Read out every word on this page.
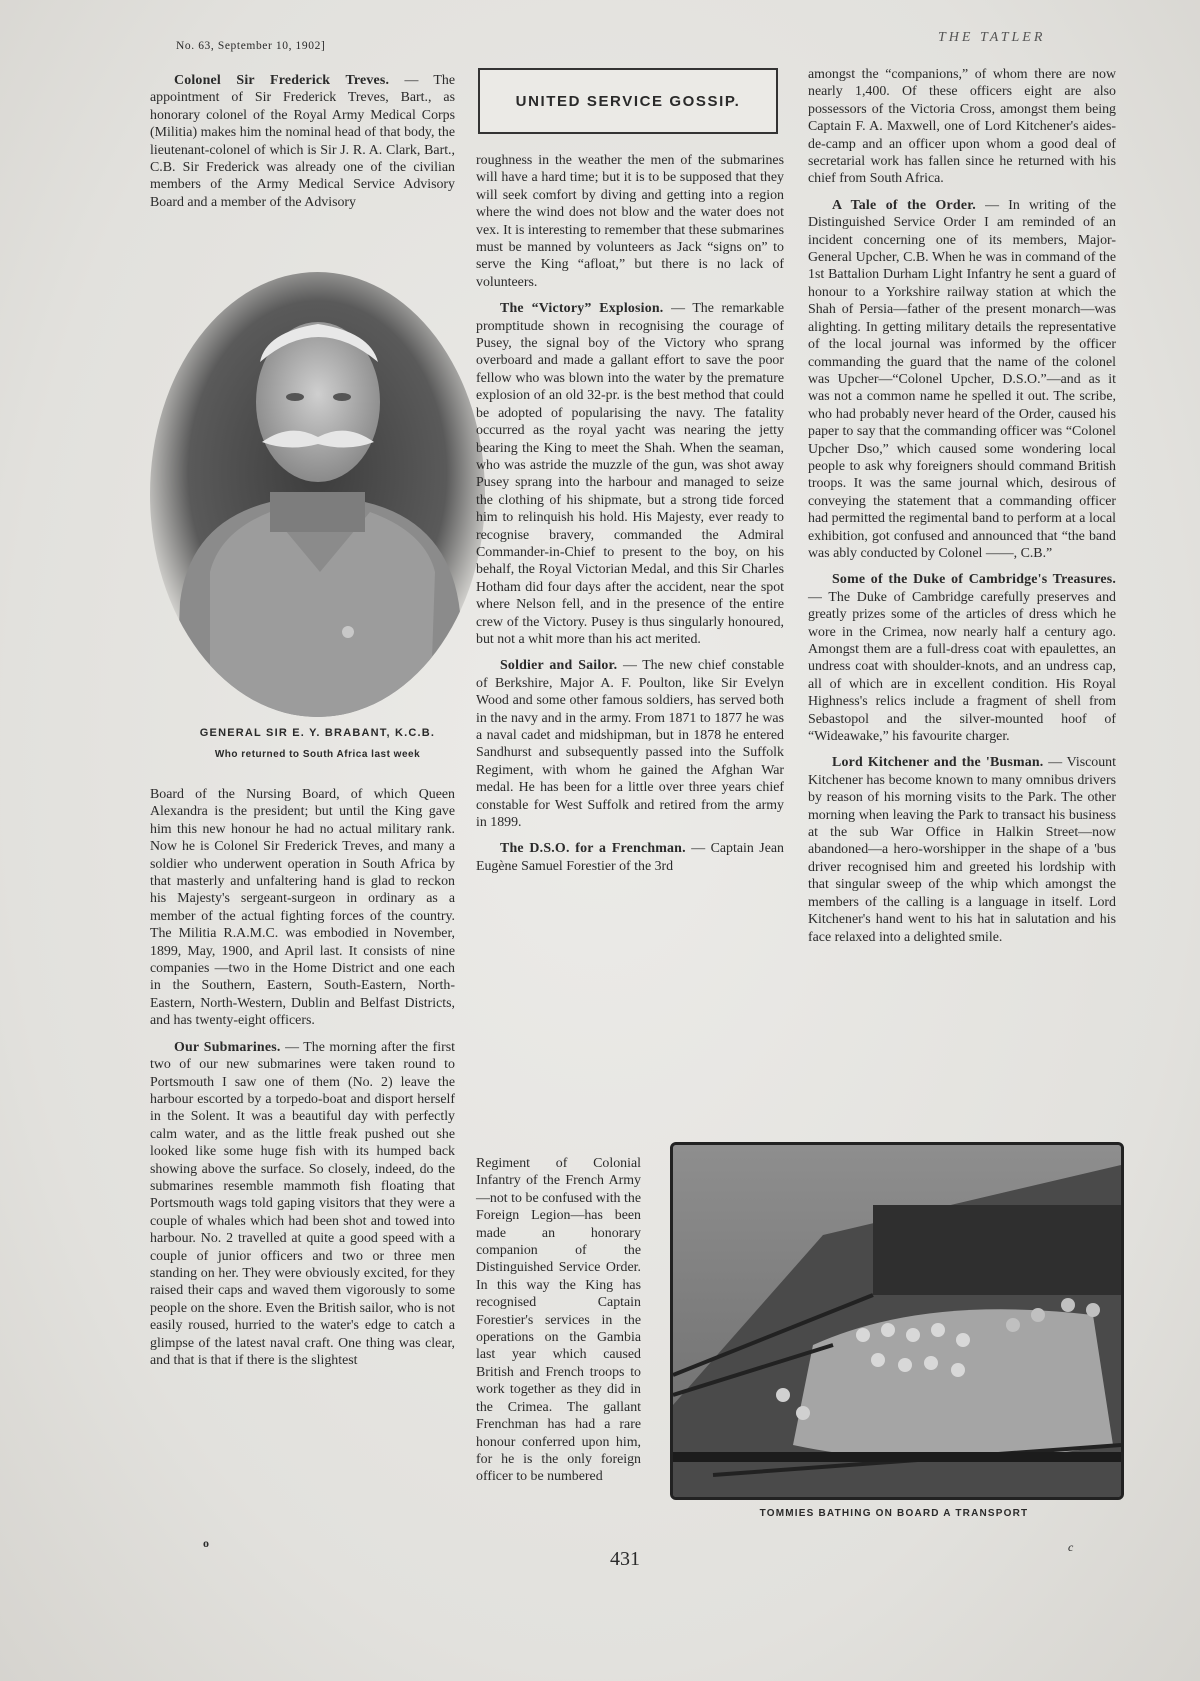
No. 63, September 10, 1902]
THE TATLER

Colonel Sir Frederick Treves. — The appointment of Sir Frederick Treves, Bart., as honorary colonel of the Royal Army Medical Corps (Militia) makes him the nominal head of that body, the lieutenant-colonel of which is Sir J. R. A. Clark, Bart., C.B. Sir Frederick was already one of the civilian members of the Army Medical Service Advisory Board and a member of the Advisory

GENERAL SIR E. Y. BRABANT, K.C.B.
Who returned to South Africa last week

Board of the Nursing Board, of which Queen Alexandra is the president; but until the King gave him this new honour he had no actual military rank. Now he is Colonel Sir Frederick Treves, and many a soldier who underwent operation in South Africa by that masterly and unfaltering hand is glad to reckon his Majesty's sergeant-surgeon in ordinary as a member of the actual fighting forces of the country. The Militia R.A.M.C. was embodied in November, 1899, May, 1900, and April last. It consists of nine companies —two in the Home District and one each in the Southern, Eastern, South-Eastern, North-Eastern, North-Western, Dublin and Belfast Districts, and has twenty-eight officers.

Our Submarines. — The morning after the first two of our new submarines were taken round to Portsmouth I saw one of them (No. 2) leave the harbour escorted by a torpedo-boat and disport herself in the Solent. It was a beautiful day with perfectly calm water, and as the little freak pushed out she looked like some huge fish with its humped back showing above the surface. So closely, indeed, do the submarines resemble mammoth fish floating that Portsmouth wags told gaping visitors that they were a couple of whales which had been shot and towed into harbour. No. 2 travelled at quite a good speed with a couple of junior officers and two or three men standing on her. They were obviously excited, for they raised their caps and waved them vigorously to some people on the shore. Even the British sailor, who is not easily roused, hurried to the water's edge to catch a glimpse of the latest naval craft. One thing was clear, and that is that if there is the slightest

UNITED SERVICE GOSSIP.

roughness in the weather the men of the submarines will have a hard time; but it is to be supposed that they will seek comfort by diving and getting into a region where the wind does not blow and the water does not vex. It is interesting to remember that these submarines must be manned by volunteers as Jack “signs on” to serve the King “afloat,” but there is no lack of volunteers.

The “Victory” Explosion. — The remarkable promptitude shown in recognising the courage of Pusey, the signal boy of the Victory who sprang overboard and made a gallant effort to save the poor fellow who was blown into the water by the premature explosion of an old 32-pr. is the best method that could be adopted of popularising the navy. The fatality occurred as the royal yacht was nearing the jetty bearing the King to meet the Shah. When the seaman, who was astride the muzzle of the gun, was shot away Pusey sprang into the harbour and managed to seize the clothing of his shipmate, but a strong tide forced him to relinquish his hold. His Majesty, ever ready to recognise bravery, commanded the Admiral Commander-in-Chief to present to the boy, on his behalf, the Royal Victorian Medal, and this Sir Charles Hotham did four days after the accident, near the spot where Nelson fell, and in the presence of the entire crew of the Victory. Pusey is thus singularly honoured, but not a whit more than his act merited.

Soldier and Sailor. — The new chief constable of Berkshire, Major A. F. Poulton, like Sir Evelyn Wood and some other famous soldiers, has served both in the navy and in the army. From 1871 to 1877 he was a naval cadet and midshipman, but in 1878 he entered Sandhurst and subsequently passed into the Suffolk Regiment, with whom he gained the Afghan War medal. He has been for a little over three years chief constable for West Suffolk and retired from the army in 1899.

The D.S.O. for a Frenchman. — Captain Jean Eugène Samuel Forestier of the 3rd

Regiment of Colonial Infantry of the French Army—not to be confused with the Foreign Legion—has been made an honorary companion of the Distinguished Service Order. In this way the King has recognised Captain Forestier's services in the operations on the Gambia last year which caused British and French troops to work together as they did in the Crimea. The gallant Frenchman has had a rare honour conferred upon him, for he is the only foreign officer to be numbered

amongst the “companions,” of whom there are now nearly 1,400. Of these officers eight are also possessors of the Victoria Cross, amongst them being Captain F. A. Maxwell, one of Lord Kitchener's aides-de-camp and an officer upon whom a good deal of secretarial work has fallen since he returned with his chief from South Africa.

A Tale of the Order. — In writing of the Distinguished Service Order I am reminded of an incident concerning one of its members, Major-General Upcher, C.B. When he was in command of the 1st Battalion Durham Light Infantry he sent a guard of honour to a Yorkshire railway station at which the Shah of Persia—father of the present monarch—was alighting. In getting military details the representative of the local journal was informed by the officer commanding the guard that the name of the colonel was Upcher—“Colonel Upcher, D.S.O.”—and as it was not a common name he spelled it out. The scribe, who had probably never heard of the Order, caused his paper to say that the commanding officer was “Colonel Upcher Dso,” which caused some wondering local people to ask why foreigners should command British troops. It was the same journal which, desirous of conveying the statement that a commanding officer had permitted the regimental band to perform at a local exhibition, got confused and announced that “the band was ably conducted by Colonel ——, C.B.”

Some of the Duke of Cambridge's Treasures. — The Duke of Cambridge carefully preserves and greatly prizes some of the articles of dress which he wore in the Crimea, now nearly half a century ago. Amongst them are a full-dress coat with epaulettes, an undress coat with shoulder-knots, and an undress cap, all of which are in excellent condition. His Royal Highness's relics include a fragment of shell from Sebastopol and the silver-mounted hoof of “Wideawake,” his favourite charger.

Lord Kitchener and the 'Busman. — Viscount Kitchener has become known to many omnibus drivers by reason of his morning visits to the Park. The other morning when leaving the Park to transact his business at the sub War Office in Halkin Street—now abandoned—a hero-worshipper in the shape of a 'bus driver recognised him and greeted his lordship with that singular sweep of the whip which amongst the members of the calling is a language in itself. Lord Kitchener's hand went to his hat in salutation and his face relaxed into a delighted smile.

TOMMIES BATHING ON BOARD A TRANSPORT
o
431
c
